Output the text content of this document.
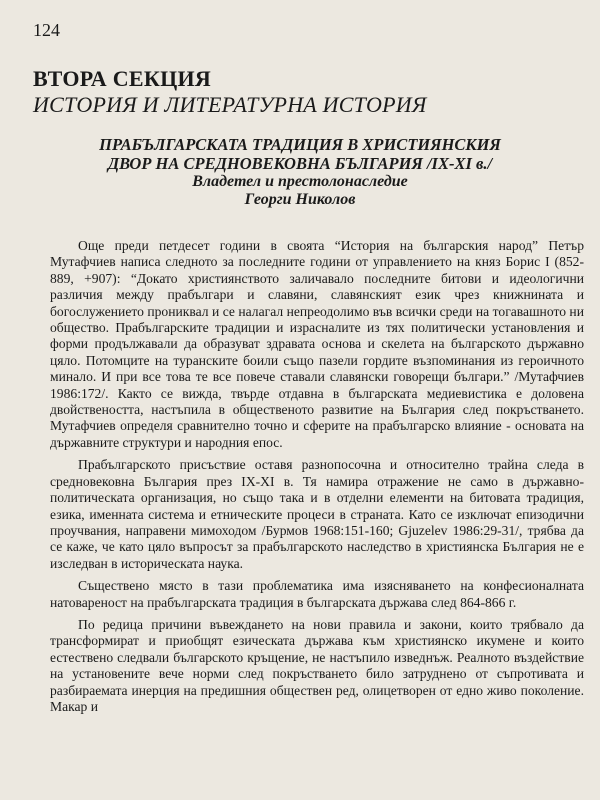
124
ВТОРА СЕКЦИЯ
ИСТОРИЯ И ЛИТЕРАТУРНА ИСТОРИЯ
ПРАБЪЛГАРСКАТА ТРАДИЦИЯ В ХРИСТИЯНСКИЯ
ДВОР НА СРЕДНОВЕКОВНА БЪЛГАРИЯ /IX-XI в./
Владетел и престолонаследие
Георги Николов

Още преди петдесет години в своята “История на българския народ” Петър Мутафчиев написа следното за последните години от управлението на княз Борис I (852-889, +907): “Докато християнството заличавало последните битови и идеологични различия между прабългари и славяни, славянският език чрез книжнината и богослужението прониквал и се налагал непреодолимо във всички среди на тогавашното ни общество. Прабългарските традиции и израсналите из тях политически установления и форми продължавали да образуват здравата основа и скелета на българското държавно цяло. Потомците на туранските боили също пазели гордите възпоминания из героичното минало. И при все това те все повече ставали славянски говорещи българи.” /Мутафчиев 1986:172/. Както се вижда, твърде отдавна в българската медиевистика е доловена двойствеността, настъпила в общественото развитие на България след покръстването. Мутафчиев определя сравнително точно и сферите на прабългарско влияние - основата на държавните структури и народния епос.

Прабългарското присъствие оставя разнопосочна и относително трайна следа в средновековна България през IX-XI в. Тя намира отражение не само в държавно-политическата организация, но също така и в отделни елементи на битовата традиция, езика, именната система и етническите процеси в страната. Като се изключат епизодични проучвания, направени мимоходом /Бурмов 1968:151-160; Gjuzelev 1986:29-31/, трябва да се каже, че като цяло въпросът за прабългарското наследство в християнска България не е изследван в историческата наука.

Съществено място в тази проблематика има изясняването на конфесионалната натовареност на прабългарската традиция в българската държава след 864-866 г.

По редица причини въвеждането на нови правила и закони, които трябвало да трансформират и приобщят езическата държава към християнско икумене и които естествено следвали българското кръщение, не настъпило изведнъж. Реалното въздействие на установените вече норми след покръстването било затруднено от съпротивата и разбираемата инерция на предишния обществен ред, олицетворен от едно живо поколение. Макар и
